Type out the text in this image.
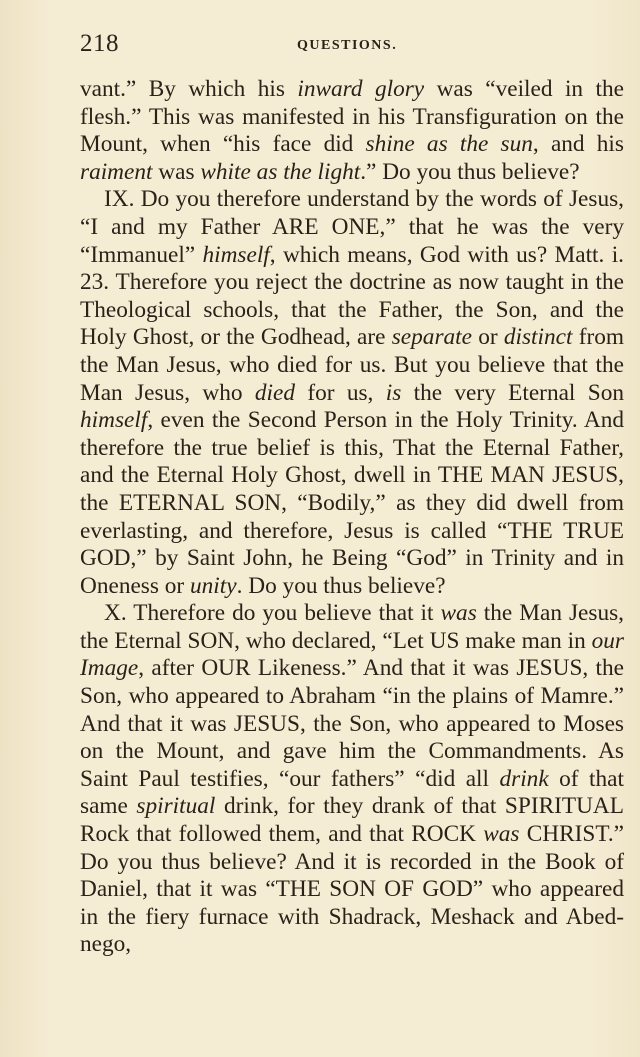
218	QUESTIONS.

vant.” By which his inward glory was “veiled in the flesh.” This was manifested in his Transfiguration on the Mount, when “his face did shine as the sun, and his raiment was white as the light.” Do you thus believe?

IX. Do you therefore understand by the words of Jesus, “I and my Father ARE ONE,” that he was the very “Immanuel” himself, which means, God with us? Matt. i. 23. Therefore you reject the doctrine as now taught in the Theological schools, that the Father, the Son, and the Holy Ghost, or the Godhead, are separate or distinct from the Man Jesus, who died for us. But you believe that the Man Jesus, who died for us, is the very Eternal Son himself, even the Second Person in the Holy Trinity. And therefore the true belief is this, That the Eternal Father, and the Eternal Holy Ghost, dwell in THE MAN JESUS, the ETERNAL SON, “Bodily,” as they did dwell from everlasting, and therefore, Jesus is called “THE TRUE GOD,” by Saint John, he Being “God” in Trinity and in Oneness or unity. Do you thus believe?

X. Therefore do you believe that it was the Man Jesus, the Eternal SON, who declared, “Let US make man in our Image, after OUR Likeness.” And that it was JESUS, the Son, who appeared to Abraham “in the plains of Mamre.” And that it was JESUS, the Son, who appeared to Moses on the Mount, and gave him the Commandments. As Saint Paul testifies, “our fathers” “did all drink of that same spiritual drink, for they drank of that SPIRITUAL Rock that followed them, and that ROCK was CHRIST.” Do you thus believe? And it is recorded in the Book of Daniel, that it was “THE SON OF GOD” who appeared in the fiery furnace with Shadrack, Meshack and Abed-nego,
